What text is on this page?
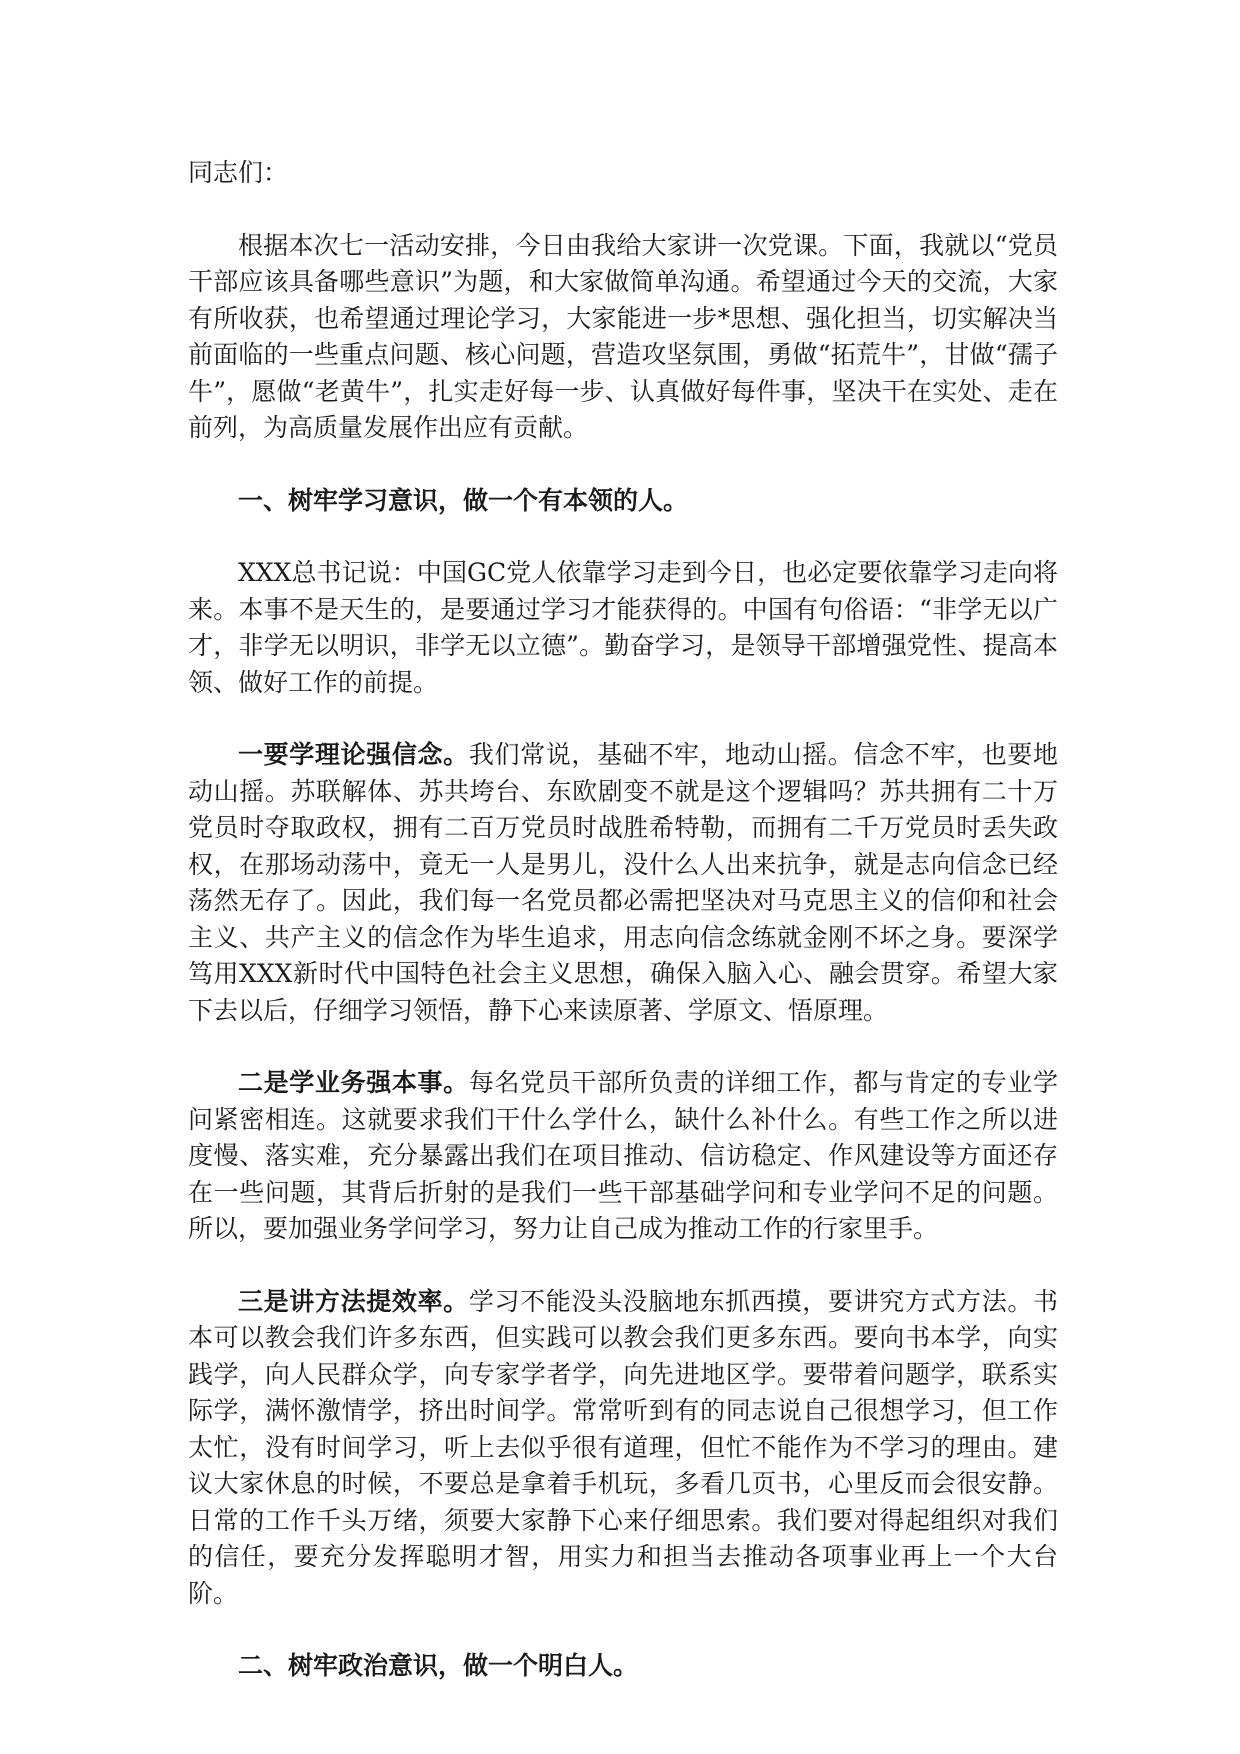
同志们：

根据本次七一活动安排，今日由我给大家讲一次党课。下面，我就以“党员干部应该具备哪些意识”为题，和大家做简单沟通。希望通过今天的交流，大家有所收获，也希望通过理论学习，大家能进一步*思想、强化担当，切实解决当前面临的一些重点问题、核心问题，营造攻坚氛围，勇做“拓荒牛”，甘做“孺子牛”，愿做“老黄牛”，扎实走好每一步、认真做好每件事，坚决干在实处、走在前列，为高质量发展作出应有贡献。

一、树牢学习意识，做一个有本领的人。

XXX总书记说：中国GC党人依靠学习走到今日，也必定要依靠学习走向将来。本事不是天生的，是要通过学习才能获得的。中国有句俗语：“非学无以广才，非学无以明识，非学无以立德”。勤奋学习，是领导干部增强党性、提高本领、做好工作的前提。

一要学理论强信念。我们常说，基础不牢，地动山摇。信念不牢，也要地动山摇。苏联解体、苏共垮台、东欧剧变不就是这个逻辑吗？苏共拥有二十万党员时夺取政权，拥有二百万党员时战胜希特勒，而拥有二千万党员时丢失政权，在那场动荡中，竟无一人是男儿，没什么人出来抗争，就是志向信念已经荡然无存了。因此，我们每一名党员都必需把坚决对马克思主义的信仰和社会主义、共产主义的信念作为毕生追求，用志向信念练就金刚不坏之身。要深学笃用XXX新时代中国特色社会主义思想，确保入脑入心、融会贯穿。希望大家下去以后，仔细学习领悟，静下心来读原著、学原文、悟原理。

二是学业务强本事。每名党员干部所负责的详细工作，都与肯定的专业学问紧密相连。这就要求我们干什么学什么，缺什么补什么。有些工作之所以进度慢、落实难，充分暴露出我们在项目推动、信访稳定、作风建设等方面还存在一些问题，其背后折射的是我们一些干部基础学问和专业学问不足的问题。所以，要加强业务学问学习，努力让自己成为推动工作的行家里手。

三是讲方法提效率。学习不能没头没脑地东抓西摸，要讲究方式方法。书本可以教会我们许多东西，但实践可以教会我们更多东西。要向书本学，向实践学，向人民群众学，向专家学者学，向先进地区学。要带着问题学，联系实际学，满怀激情学，挤出时间学。常常听到有的同志说自己很想学习，但工作太忙，没有时间学习，听上去似乎很有道理，但忙不能作为不学习的理由。建议大家休息的时候，不要总是拿着手机玩，多看几页书，心里反而会很安静。日常的工作千头万绪，须要大家静下心来仔细思索。我们要对得起组织对我们的信任，要充分发挥聪明才智，用实力和担当去推动各项事业再上一个大台阶。

二、树牢政治意识，做一个明白人。
